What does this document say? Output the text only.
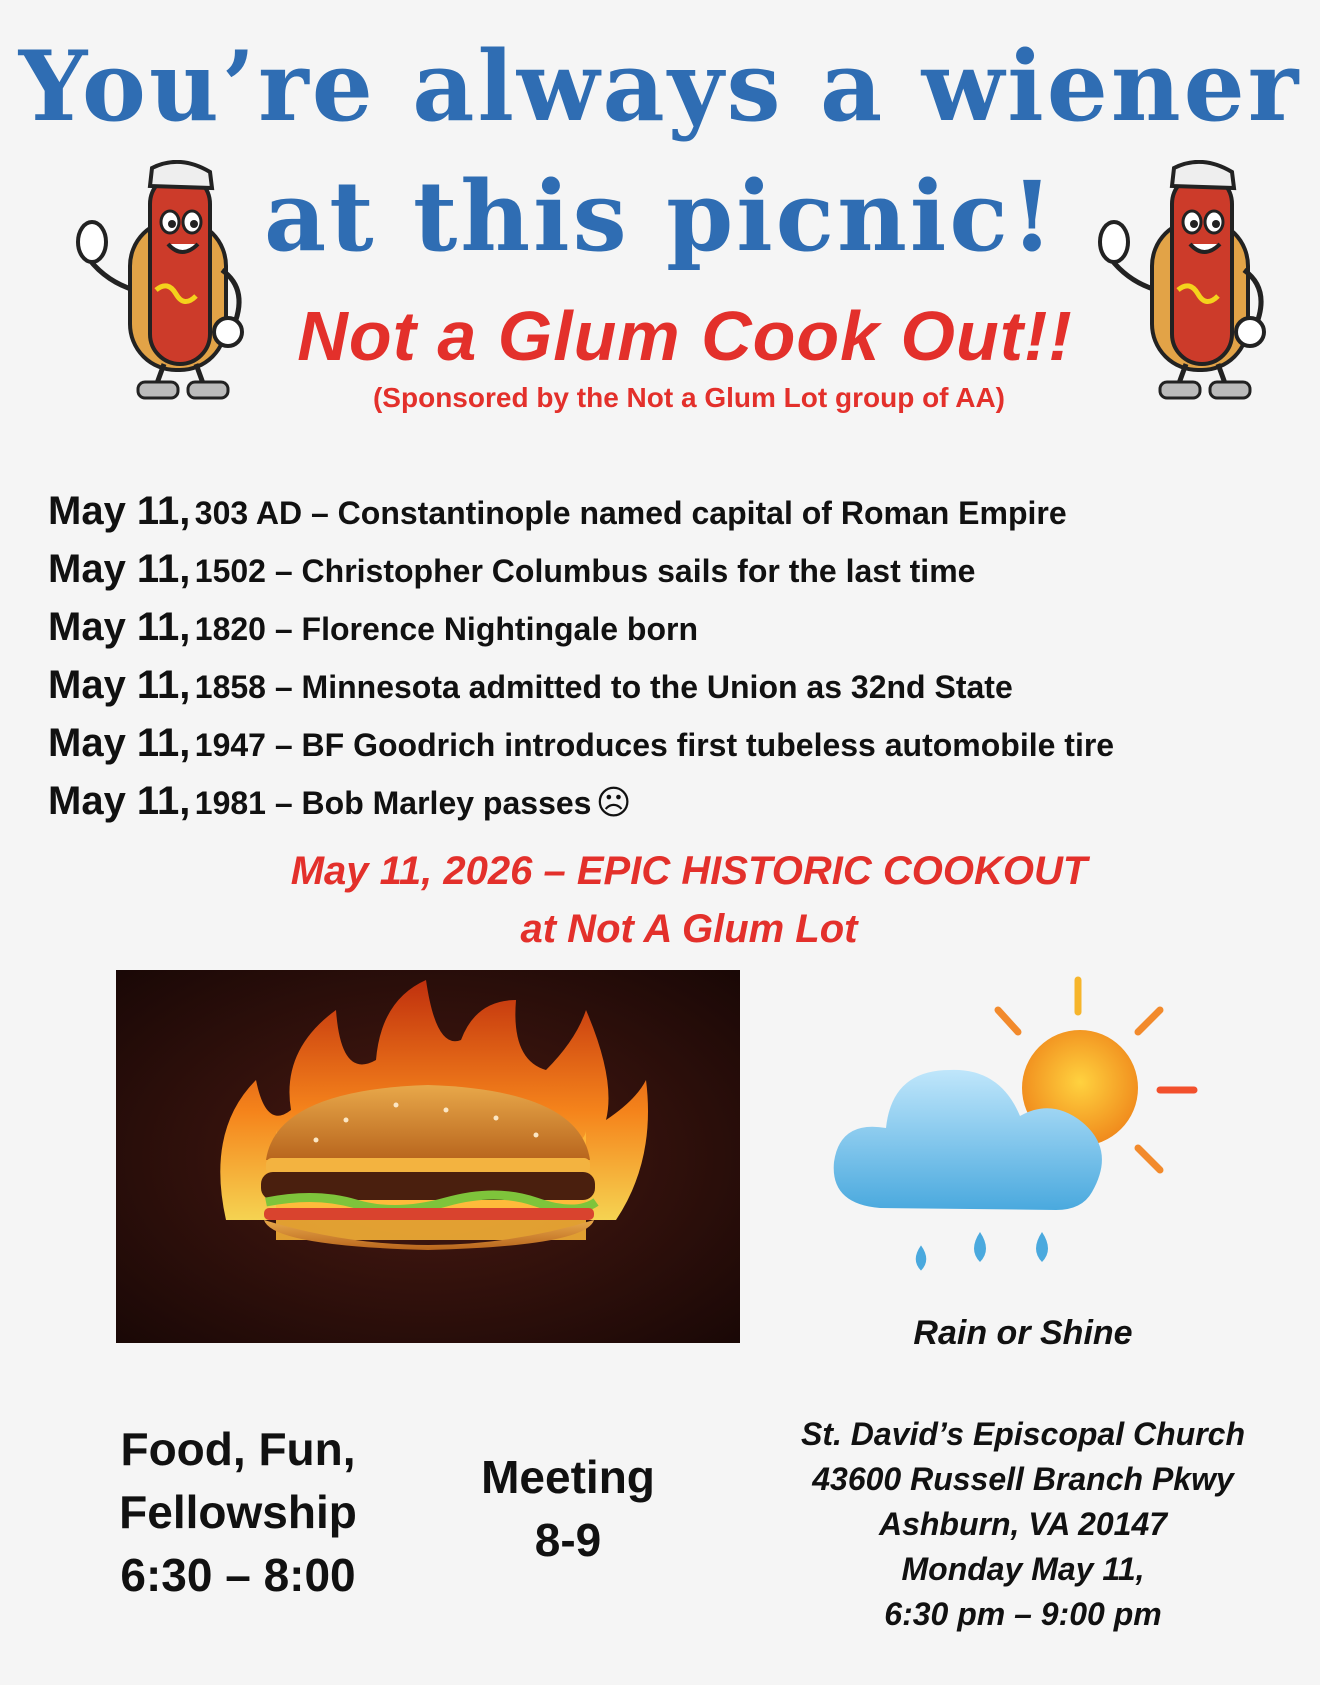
You’re always a wiener
at this picnic!
Not a Glum Cook Out!!
(Sponsored by the Not a Glum Lot group of AA)
May 11, 303 AD – Constantinople named capital of Roman Empire
May 11, 1502 – Christopher Columbus sails for the last time
May 11, 1820 – Florence Nightingale born
May 11, 1858 – Minnesota admitted to the Union as 32nd State
May 11, 1947 – BF Goodrich introduces first tubeless automobile tire
May 11, 1981 – Bob Marley passes ☹
May 11, 2026 – EPIC HISTORIC COOKOUT
at Not A Glum Lot
Rain or Shine
Food, Fun,
Fellowship
6:30 – 8:00
Meeting
8-9
St. David’s Episcopal Church
43600 Russell Branch Pkwy
Ashburn, VA 20147
Monday May 11,
6:30 pm – 9:00 pm
